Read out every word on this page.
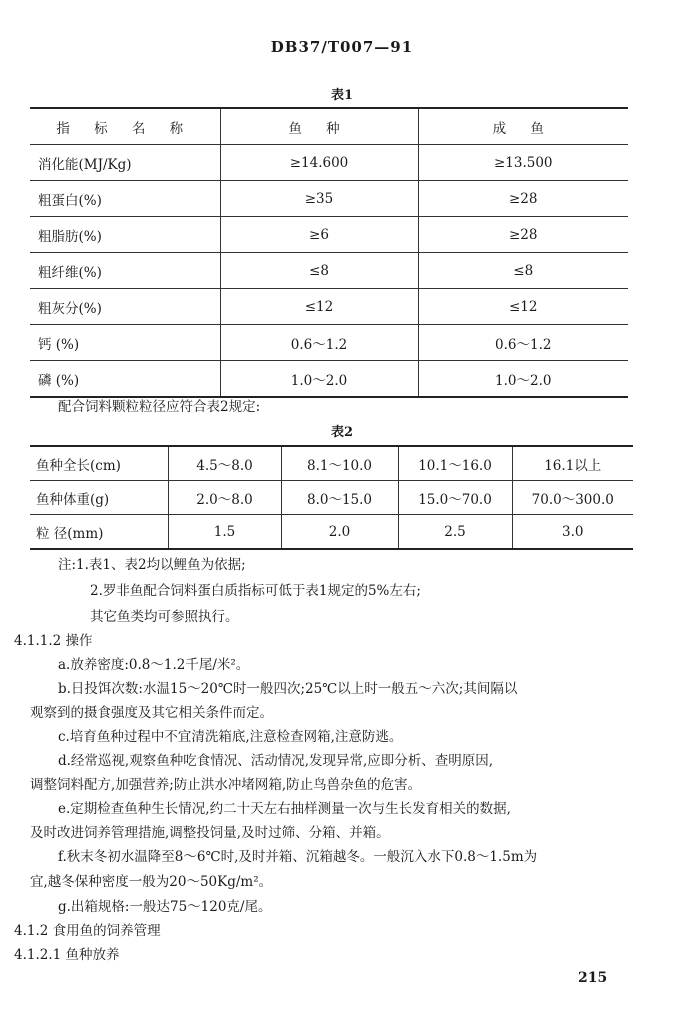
DB37/T007—91
表1
指 标 名 称	鱼 种	成 鱼
消化能(MJ/Kg)	≥14.600	≥13.500
粗蛋白(%)	≥35	≥28
粗脂肪(%)	≥6	≥28
粗纤维(%)	≤8	≤8
粗灰分(%)	≤12	≤12
钙 (%)	0.6～1.2	0.6～1.2
磷 (%)	1.0～2.0	1.0～2.0
配合饲料颗粒粒径应符合表2规定:
表2
鱼种全长(cm)	4.5～8.0	8.1～10.0	10.1～16.0	16.1以上
鱼种体重(g)	2.0～8.0	8.0～15.0	15.0～70.0	70.0～300.0
粒 径(mm)	1.5	2.0	2.5	3.0
注:1.表1、表2均以鲤鱼为依据;
2.罗非鱼配合饲料蛋白质指标可低于表1规定的5%左右;
其它鱼类均可参照执行。
4.1.1.2 操作
a.放养密度:0.8～1.2千尾/米²。
b.日投饵次数:水温15～20℃时一般四次;25℃以上时一般五～六次;其间隔以
观察到的摄食强度及其它相关条件而定。
c.培育鱼种过程中不宜清洗箱底,注意检查网箱,注意防逃。
d.经常巡视,观察鱼种吃食情况、活动情况,发现异常,应即分析、查明原因,
调整饲料配方,加强营养;防止洪水冲堵网箱,防止鸟兽杂鱼的危害。
e.定期检查鱼种生长情况,约二十天左右抽样测量一次与生长发育相关的数据,
及时改进饲养管理措施,调整投饲量,及时过筛、分箱、并箱。
f.秋末冬初水温降至8～6℃时,及时并箱、沉箱越冬。一般沉入水下0.8～1.5m为
宜,越冬保种密度一般为20～50Kg/m²。
g.出箱规格:一般达75～120克/尾。
4.1.2 食用鱼的饲养管理
4.1.2.1 鱼种放养
215
